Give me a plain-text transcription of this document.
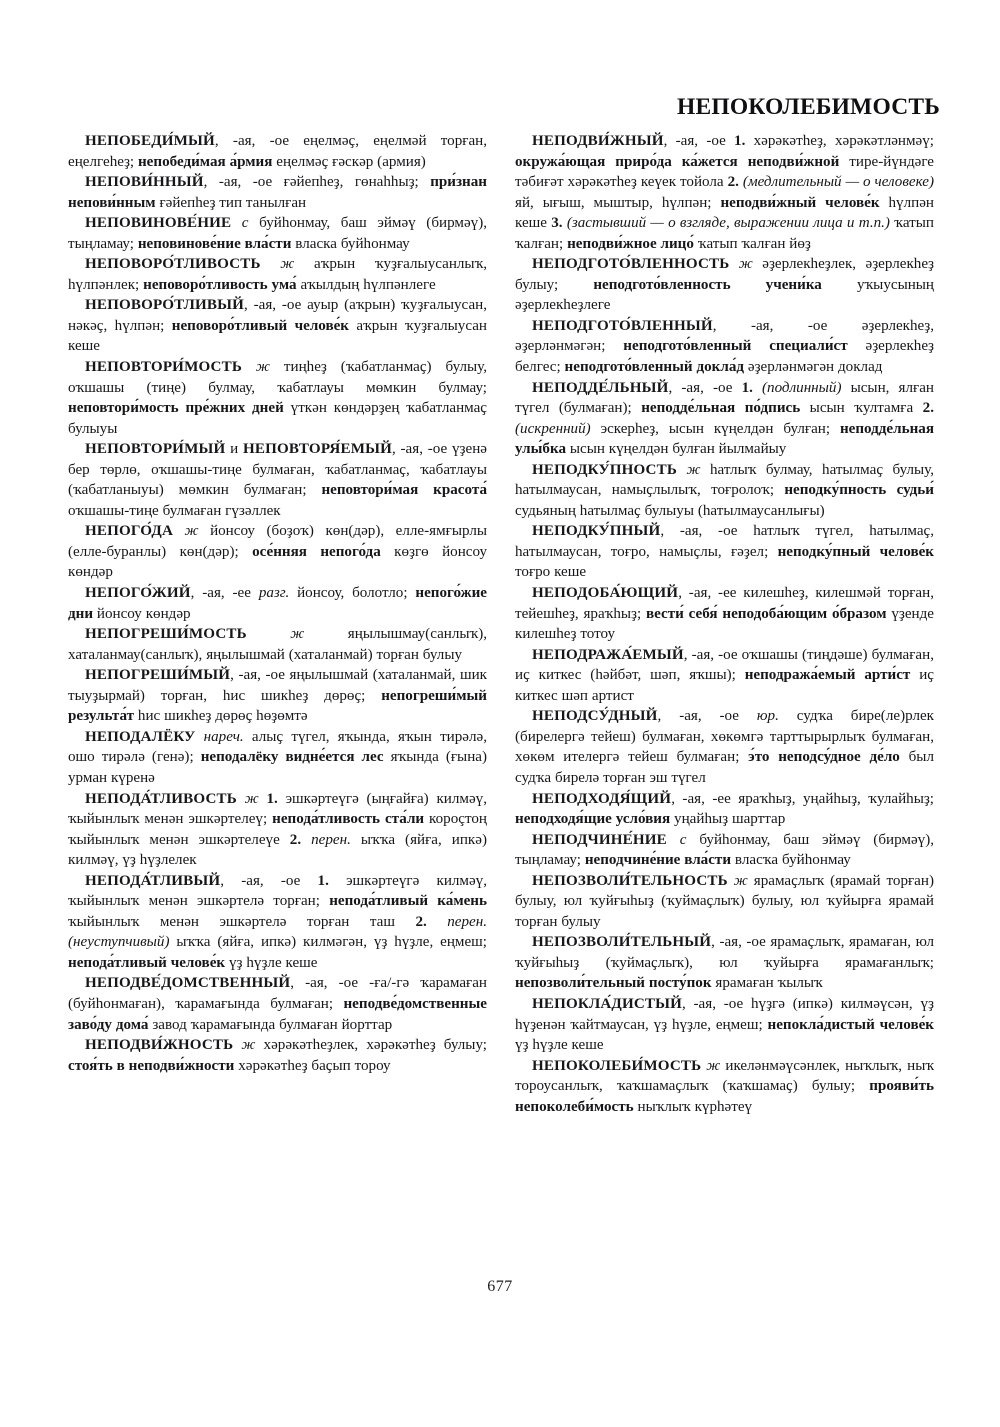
НЕПОКОЛЕБИМОСТЬ

НЕПОБЕДИ́МЫЙ, -ая, -ое еңелмәҫ, еңелмәй торған, еңелгеһеҙ; непобеди́мая а́рмия еңелмәҫ ғәскәр (армия)

НЕПОВИ́ННЫЙ, -ая, -ое ғәйепһеҙ, гөнаһһыҙ; при́знан непови́нным ғәйепһеҙ тип танылған

НЕПОВИНОВЕ́НИЕ с буйһонмау, баш эймәү (бирмәү), тыңламау; неповинове́ние вла́сти власка буйһонмау

НЕПОВОРО́ТЛИВОСТЬ ж аҡрын ҡуҙғалыусанлыҡ, һүлпәнлек; неповоро́тливость ума́ аҡылдың һүлпәнлеге

НЕПОВОРО́ТЛИВЫЙ, -ая, -ое ауыр (аҡрын) ҡуҙғалыусан, нәкәҫ, һүлпән; неповоро́тливый челове́к аҡрын ҡуҙғалыусан кеше

НЕПОВТОРИ́МОСТЬ ж тиңһеҙ (ҡабатланмаҫ) булыу, оҡшашы (тиңе) булмау, ҡабатлауы мөмкин булмау; неповтори́мость пре́жних дней үткән көндәрҙең ҡабатланмаҫ булыуы

НЕПОВТОРИ́МЫЙ и НЕПОВТОРЯ́ЕМЫЙ, -ая, -ое үҙенә бер төрлө, оҡшашы-тиңе булмаған, ҡабатланмаҫ, ҡабатлауы (ҡабатланыуы) мөмкин булмаған; неповтори́мая красота́ оҡшашы-тиңе булмаған гүзәллек

НЕПОГО́ДА ж йонсоу (боҙоҡ) көн(дәр), елле-ямғырлы (елле-буранлы) көн(дәр); осе́нняя непого́да көҙгө йонсоу көндәр

НЕПОГО́ЖИЙ, -ая, -ее разг. йонсоу, болотло; непого́жие дни йонсоу көндәр

НЕПОГРЕШИ́МОСТЬ ж яңылышмау(санлыҡ), хаталанмау(санлыҡ), яңылышмай (хаталанмай) торған булыу

НЕПОГРЕШИ́МЫЙ, -ая, -ое яңылышмай (хаталанмай, шик тыуҙырмай) торған, һис шикһеҙ дөрөҫ; непогреши́мый результа́т һис шикһеҙ дөрөҫ һөҙөмтә

НЕПОДАЛЁКУ нареч. алыҫ түгел, яҡында, яҡын тирәлә, ошо тирәлә (генә); неподалёку видне́ется лес яҡында (ғына) урман күренә

НЕПОДА́ТЛИВОСТЬ ж 1. эшкәртеүгә (ыңғайға) килмәү, ҡыйынлыҡ менән эшкәртелеү; непода́тливость ста́ли короçтоң ҡыйынлыҡ менән эшкәртелеүе 2. перен. ыҡҡа (яйға, ипкә) килмәү, үҙ һүҙлелек

НЕПОДА́ТЛИВЫЙ, -ая, -ое 1. эшкәртеүгә килмәү, ҡыйынлыҡ менән эшкәртелә торған; непода́тливый ка́мень ҡыйынлыҡ менән эшкәртелә торған таш 2. перен. (неуступчивый) ыҡҡа (яйға, ипкә) килмәгән, үҙ һүҙле, еңмеш; непода́тливый челове́к үҙ һүҙле кеше

НЕПОДВЕ́ДОМСТВЕННЫЙ, -ая, -ое -ға/-гә ҡарамаған (буйһонмаған), ҡарамағында булмаған; неподве́домственные заво́ду дома́ завод ҡарамағында булмаған йорттар

НЕПОДВИ́ЖНОСТЬ ж хәрәкәтһеҙлек, хәрәкәтһеҙ булыу; стоя́ть в неподви́жности хәрәкәтһеҙ баҫып тороу

НЕПОДВИ́ЖНЫЙ, -ая, -ое 1. хәрәкәтһеҙ, хәрәкәтләнмәү; окружа́ющая приро́да ка́жется неподви́жной тире-йүндәге тәбиғәт хәрәкәтһеҙ кеүек тойола 2. (медлительный — о человеке) яй, ығыш, мыштыр, һүлпән; неподви́жный челове́к һүлпән кеше 3. (застывший — о взгляде, выражении лица и т.п.) ҡатып ҡалған; неподви́жное лицо́ ҡатып ҡалған йөҙ

НЕПОДГОТО́ВЛЕННОСТЬ ж әҙерлекһеҙлек, әҙерлекһеҙ булыу; неподгото́вленность учени́ка уҡыусының әҙерлекһеҙлеге

НЕПОДГОТО́ВЛЕННЫЙ, -ая, -ое әҙерлекһеҙ, әҙерләнмәгән; неподгото́вленный специали́ст әҙерлекһеҙ белгес; неподгото́вленный докла́д әҙерләнмәгән доклад

НЕПОДДЕ́ЛЬНЫЙ, -ая, -ое 1. (подлинный) ысын, ялған түгел (булмаған); неподде́льная по́дпись ысын ҡултамға 2. (искренний) эскерһеҙ, ысын күңелдән булған; неподде́льная улы́бка ысын күңелдән булған йылмайыу

НЕПОДКУ́ПНОСТЬ ж һатлыҡ булмау, һатылмаҫ булыу, һатылмаусан, намыҫлылыҡ, тоғролоҡ; неподку́пность судьи́ судьяның һатылмаҫ булыуы (һатылмаусанлығы)

НЕПОДКУ́ПНЫЙ, -ая, -ое һатлыҡ түгел, һатылмаҫ, һатылмаусан, тоғро, намыҫлы, ғәҙел; неподку́пный челове́к тоғро кеше

НЕПОДОБА́ЮЩИЙ, -ая, -ее килешһеҙ, килешмәй торған, тейешһеҙ, яраҡһыҙ; вести́ себя́ неподоба́ющим о́бразом үҙенде килешһеҙ тотоу

НЕПОДРАЖА́ЕМЫЙ, -ая, -ое оҡшашы (тиңдәше) булмаған, иҫ киткес (һәйбәт, шәп, яҡшы); неподража́емый арти́ст иҫ киткес шәп артист

НЕПОДСУ́ДНЫЙ, -ая, -ое юр. судҡа бире(ле)рлек (бирелергә тейеш) булмаған, хөкөмгә тарттырырлыҡ булмаған, хөкөм ителергә тейеш булмаған; э́то неподсу́дное де́ло был судҡа бирелә торған эш түгел

НЕПОДХОДЯ́ЩИЙ, -ая, -ее яраҡһыҙ, уңайһыҙ, ҡулайһыҙ; неподходя́щие усло́вия уңайһыҙ шарттар

НЕПОДЧИНЕ́НИЕ с буйһонмау, баш эймәү (бирмәү), тыңламау; неподчине́ние вла́сти власҡа буйһонмау

НЕПОЗВОЛИ́ТЕЛЬНОСТЬ ж ярамаҫлыҡ (ярамай торған) булыу, юл ҡуйғыһыҙ (ҡуймаҫлыҡ) булыу, юл ҡуйырға ярамай торған булыу

НЕПОЗВОЛИ́ТЕЛЬНЫЙ, -ая, -ое ярамаҫлыҡ, ярамаған, юл ҡуйғыһыҙ (ҡуймаҫлыҡ), юл ҡуйырға ярамағанлыҡ; непозволи́тельный посту́пок ярамаған ҡылыҡ

НЕПОКЛА́ДИСТЫЙ, -ая, -ое һүҙгә (ипкә) килмәүсән, үҙ һүҙенән ҡайтмаусан, үҙ һүҙле, еңмеш; непокла́дистый челове́к үҙ һүҙле кеше

НЕПОКОЛЕБИ́МОСТЬ ж икеләнмәүсәнлек, ныҡлыҡ, ныҡ тороусанлыҡ, ҡаҡшамаҫлыҡ (ҡаҡшамаҫ) булыу; прояви́ть непоколеби́мость ныҡлыҡ күрһәтеү

677
